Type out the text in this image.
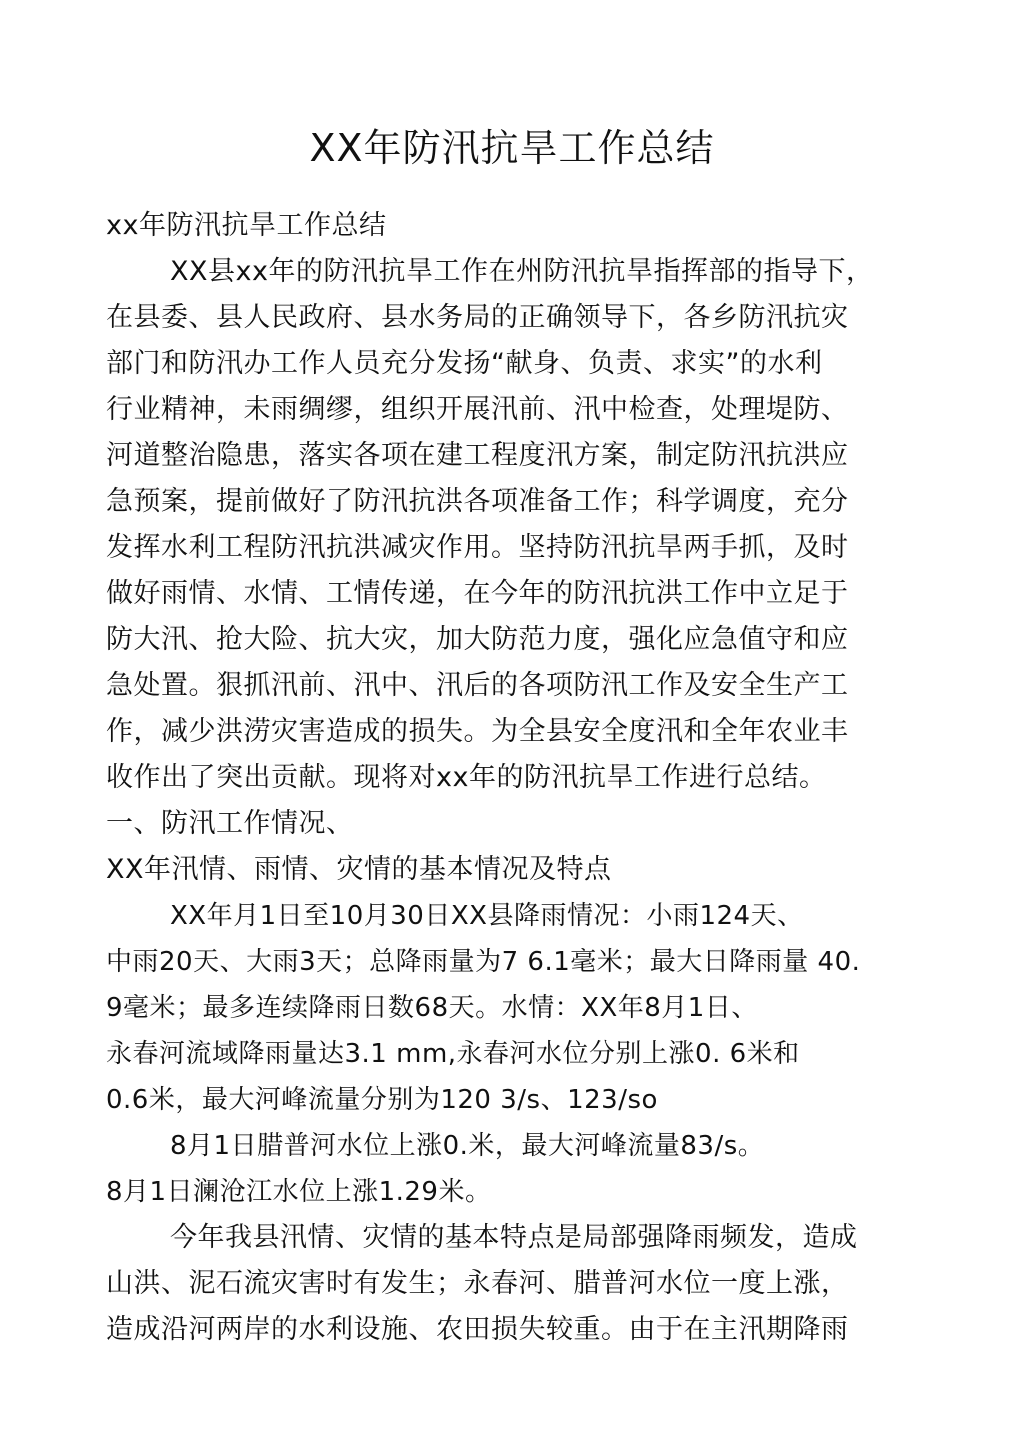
XX年防汛抗旱工作总结
xx年防汛抗旱工作总结
XX县xx年的防汛抗旱工作在州防汛抗旱指挥部的指导下，
在县委、县人民政府、县水务局的正确领导下，各乡防汛抗灾
部门和防汛办工作人员充分发扬“献身、负责、求实”的水利
行业精神，未雨绸缪，组织开展汛前、汛中检查，处理堤防、
河道整治隐患，落实各项在建工程度汛方案，制定防汛抗洪应
急预案，提前做好了防汛抗洪各项准备工作；科学调度，充分
发挥水利工程防汛抗洪减灾作用。坚持防汛抗旱两手抓，及时
做好雨情、水情、工情传递，在今年的防汛抗洪工作中立足于
防大汛、抢大险、抗大灾，加大防范力度，强化应急值守和应
急处置。狠抓汛前、汛中、汛后的各项防汛工作及安全生产工
作，减少洪涝灾害造成的损失。为全县安全度汛和全年农业丰
收作出了突出贡献。现将对xx年的防汛抗旱工作进行总结。
一、防汛工作情况、
XX年汛情、雨情、灾情的基本情况及特点
XX年月1日至10月30日XX县降雨情况：小雨124天、
中雨20天、大雨3天；总降雨量为7 6.1毫米；最大日降雨量 40.
9毫米；最多连续降雨日数68天。水情：XX年8月1日、
永春河流域降雨量达3.1 mm,永春河水位分别上涨0. 6米和
0.6米，最大河峰流量分别为120 3/s、123/so
8月1日腊普河水位上涨0.米，最大河峰流量83/s。
8月1日澜沧江水位上涨1.29米。
今年我县汛情、灾情的基本特点是局部强降雨频发，造成
山洪、泥石流灾害时有发生；永春河、腊普河水位一度上涨，
造成沿河两岸的水利设施、农田损失较重。由于在主汛期降雨
